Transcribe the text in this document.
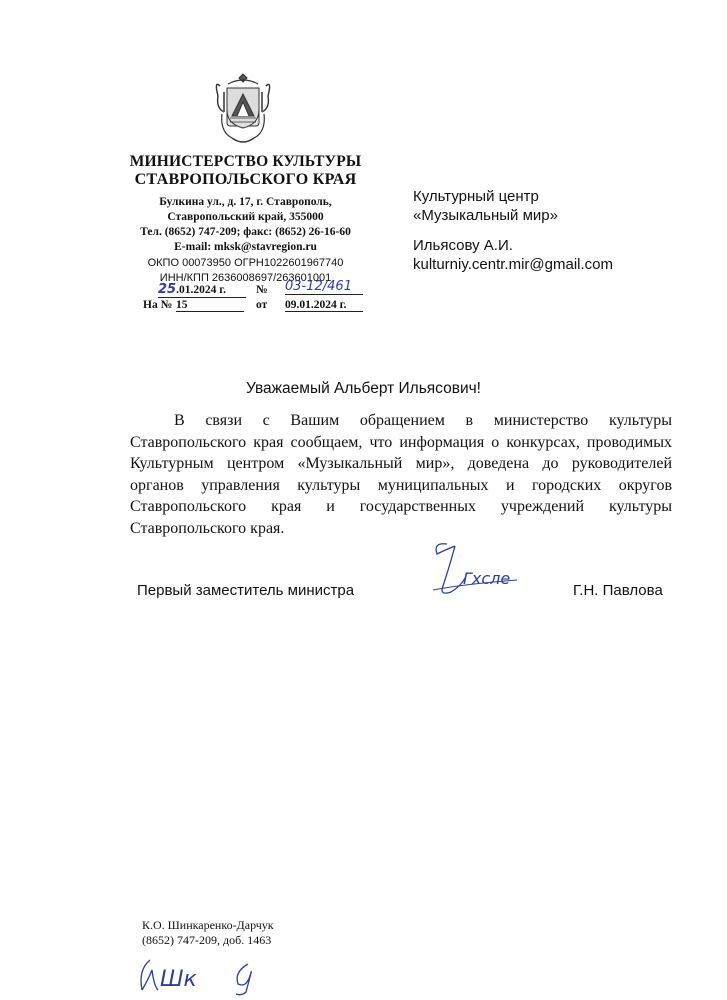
МИНИСТЕРСТВО КУЛЬТУРЫ
СТАВРОПОЛЬСКОГО КРАЯ
Булкина ул., д. 17, г. Ставрополь,
Ставропольский край, 355000
Тел. (8652) 747-209; факс: (8652) 26-16-60
E-mail: mksk@stavregion.ru
ОКПО 00073950 ОГРН1022601967740
ИНН/КПП 2636008697/263601001
25.01.2024 г.	№ 03-12/461
На № 15	от 09.01.2024 г.
Культурный центр
«Музыкальный мир»
Ильясову А.И.
kulturniy.centr.mir@gmail.com
Уважаемый Альберт Ильясович!
В связи с Вашим обращением в министерство культуры Ставропольского края сообщаем, что информация о конкурсах, проводимых Культурным центром «Музыкальный мир», доведена до руководителей органов управления культуры муниципальных и городских округов Ставропольского края и государственных учреждений культуры Ставропольского края.
Первый заместитель министра
Гхсле
Г.Н. Павлова
К.О. Шинкаренко-Дарчук
(8652) 747-209, доб. 1463
Шк
